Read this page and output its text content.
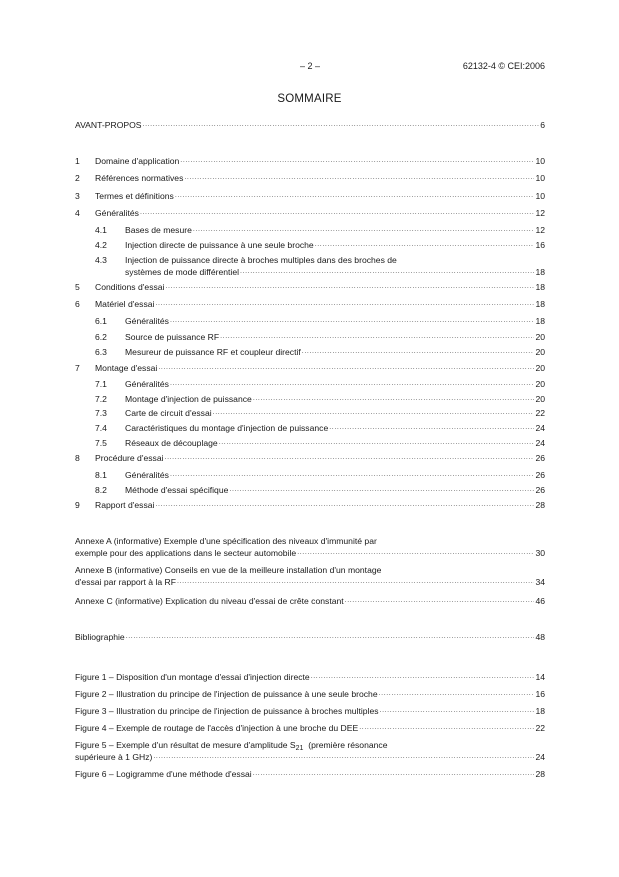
– 2 –	62132-4 © CEI:2006
SOMMAIRE
AVANT-PROPOS .....	6
1	Domaine d'application .....	10
2	Références normatives .....	10
3	Termes et définitions .....	10
4	Généralités .....	12
4.1	Bases de mesure .....	12
4.2	Injection directe de puissance à une seule broche .....	16
4.3 Injection de puissance directe à broches multiples dans des broches de
systèmes de mode différentiel .....	18
5	Conditions d'essai .....	18
6	Matériel d'essai .....	18
6.1	Généralités .....	18
6.2	Source de puissance RF .....	20
6.3	Mesureur de puissance RF et coupleur directif .....	20
7	Montage d'essai .....	20
7.1	Généralités .....	20
7.2	Montage d'injection de puissance .....	20
7.3	Carte de circuit d'essai .....	22
7.4	Caractéristiques du montage d'injection de puissance .....	24
7.5	Réseaux de découplage .....	24
8	Procédure d'essai .....	26
8.1	Généralités .....	26
8.2	Méthode d'essai spécifique .....	26
9	Rapport d'essai .....	28
Annexe A (informative) Exemple d'une spécification des niveaux d'immunité par
exemple pour des applications dans le secteur automobile .....	30
Annexe B (informative) Conseils en vue de la meilleure installation d'un montage
d'essai par rapport à la RF .....	34
Annexe C (informative) Explication du niveau d'essai de crête constant .....	46
Bibliographie .....	48
Figure 1 – Disposition d'un montage d'essai d'injection directe .....	14
Figure 2 – Illustration du principe de l'injection de puissance à une seule broche .....	16
Figure 3 – Illustration du principe de l'injection de puissance à broches multiples .....	18
Figure 4 – Exemple de routage de l'accès d'injection à une broche du DEE .....	22
Figure 5 – Exemple d'un résultat de mesure d'amplitude $S_{21}$  (première résonance
supérieure à 1 GHz) .....	24
Figure 6 – Logigramme d'une méthode d'essai .....	28
